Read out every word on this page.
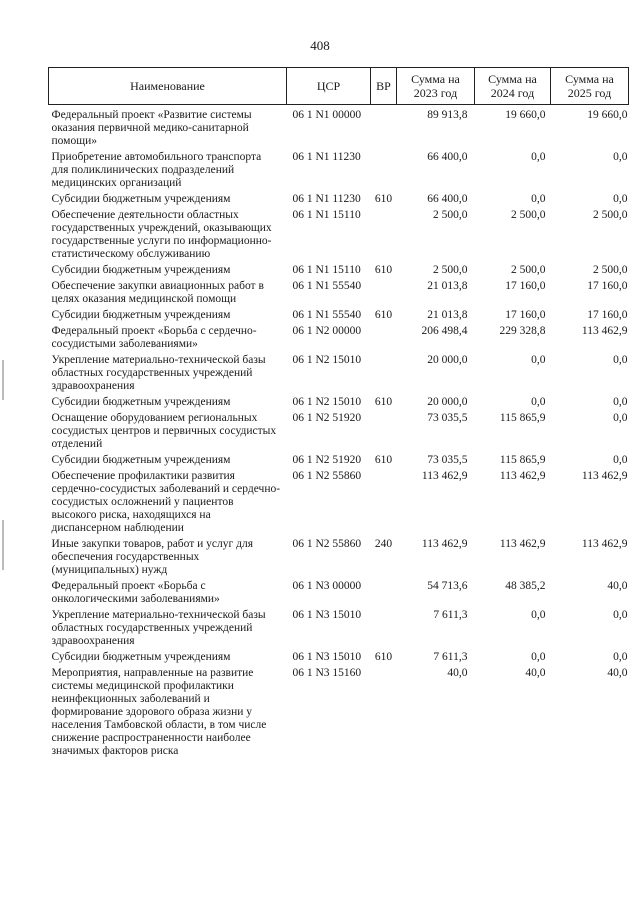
408
Наименование	ЦСР	ВР	Сумма на 2023 год	Сумма на 2024 год	Сумма на 2025 год
Федеральный проект «Развитие системы оказания первичной медико-санитарной помощи»	06 1 N1 00000		89 913,8	19 660,0	19 660,0
Приобретение автомобильного транспорта для поликлинических подразделений медицинских организаций	06 1 N1 11230		66 400,0	0,0	0,0
Субсидии бюджетным учреждениям	06 1 N1 11230	610	66 400,0	0,0	0,0
Обеспечение деятельности областных государственных учреждений, оказывающих государственные услуги по информационно-статистическому обслуживанию	06 1 N1 15110		2 500,0	2 500,0	2 500,0
Субсидии бюджетным учреждениям	06 1 N1 15110	610	2 500,0	2 500,0	2 500,0
Обеспечение закупки авиационных работ в целях оказания медицинской помощи	06 1 N1 55540		21 013,8	17 160,0	17 160,0
Субсидии бюджетным учреждениям	06 1 N1 55540	610	21 013,8	17 160,0	17 160,0
Федеральный проект «Борьба с сердечно-сосудистыми заболеваниями»	06 1 N2 00000		206 498,4	229 328,8	113 462,9
Укрепление материально-технической базы областных государственных учреждений здравоохранения	06 1 N2 15010		20 000,0	0,0	0,0
Субсидии бюджетным учреждениям	06 1 N2 15010	610	20 000,0	0,0	0,0
Оснащение оборудованием региональных сосудистых центров и первичных сосудистых отделений	06 1 N2 51920		73 035,5	115 865,9	0,0
Субсидии бюджетным учреждениям	06 1 N2 51920	610	73 035,5	115 865,9	0,0
Обеспечение профилактики развития сердечно-сосудистых заболеваний и сердечно-сосудистых осложнений у пациентов высокого риска, находящихся на диспансерном наблюдении	06 1 N2 55860		113 462,9	113 462,9	113 462,9
Иные закупки товаров, работ и услуг для обеспечения государственных (муниципальных) нужд	06 1 N2 55860	240	113 462,9	113 462,9	113 462,9
Федеральный проект «Борьба с онкологическими заболеваниями»	06 1 N3 00000		54 713,6	48 385,2	40,0
Укрепление материально-технической базы областных государственных учреждений здравоохранения	06 1 N3 15010		7 611,3	0,0	0,0
Субсидии бюджетным учреждениям	06 1 N3 15010	610	7 611,3	0,0	0,0
Мероприятия, направленные на развитие системы медицинской профилактики неинфекционных заболеваний и формирование здорового образа жизни у населения Тамбовской области, в том числе снижение распространенности наиболее значимых факторов риска	06 1 N3 15160		40,0	40,0	40,0
